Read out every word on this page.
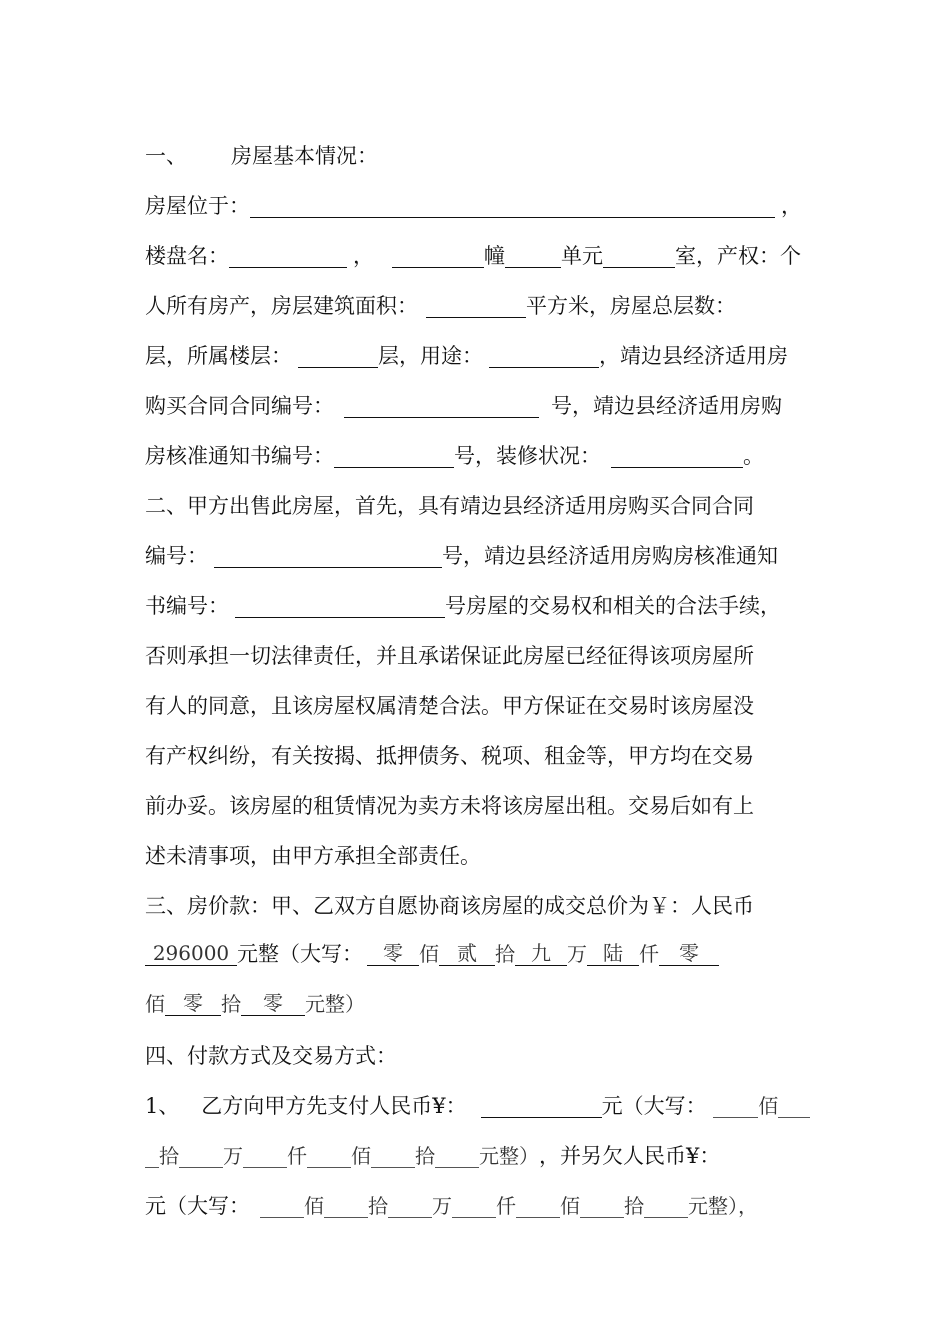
一、 房屋基本情况：
房屋位于：	，
楼盘名：	，	幢	单元	室，产权：个
人所有房产，房层建筑面积：	平方米，房屋总层数：
层，所属楼层：	层，用途：	，靖边县经济适用房
购买合同合同编号：	号，靖边县经济适用房购
房核准通知书编号：	号，装修状况：	。
二、甲方出售此房屋，首先，具有靖边县经济适用房购买合同合同
编号：	号，靖边县经济适用房购房核准通知
书编号：	号房屋的交易权和相关的合法手续，
否则承担一切法律责任，并且承诺保证此房屋已经征得该项房屋所
有人的同意，且该房屋权属清楚合法。甲方保证在交易时该房屋没
有产权纠纷，有关按揭、抵押债务、税项、租金等，甲方均在交易
前办妥。该房屋的租赁情况为卖方未将该房屋出租。交易后如有上
述未清事项，由甲方承担全部责任。
三、房价款：甲、乙双方自愿协商该房屋的成交总价为￥：人民币
296000 元整（大写：	零 佰 贰 拾 九 万 陆 仟	零
佰 零 拾	零	元整）
四、付款方式及交易方式：
1、 乙方向甲方先支付人民币¥：	元（大写：	佰
拾 万 仟 佰 拾 元整） ，并另欠人民币¥：
元（大写：	佰 拾 万 仟 佰 拾 元整），
